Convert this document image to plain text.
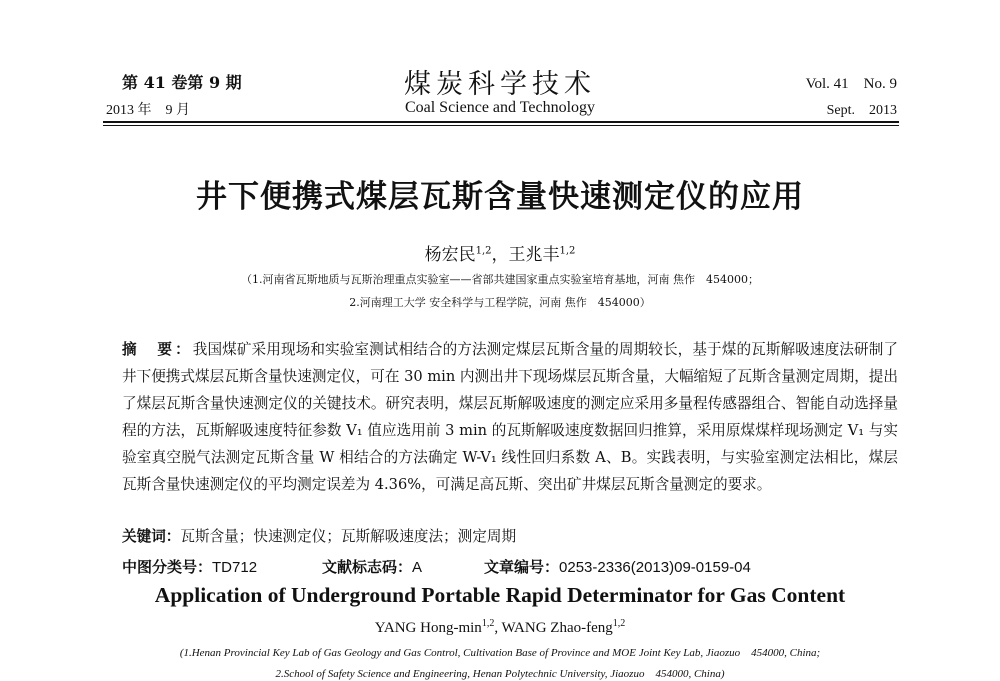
第 41 卷第 9 期
2013 年　9 月
煤炭科学技术
Coal Science and Technology
Vol. 41　No. 9
Sept.　2013
井下便携式煤层瓦斯含量快速测定仪的应用
杨宏民$^{1,2}$，王兆丰$^{1,2}$
（1.河南省瓦斯地质与瓦斯治理重点实验室——省部共建国家重点实验室培育基地，河南 焦作　454000；
2.河南理工大学 安全科学与工程学院，河南 焦作　454000）
摘　要：我国煤矿采用现场和实验室测试相结合的方法测定煤层瓦斯含量的周期较长，基于煤的瓦斯解吸速度法研制了井下便携式煤层瓦斯含量快速测定仪，可在 30 min 内测出井下现场煤层瓦斯含量，大幅缩短了瓦斯含量测定周期，提出了煤层瓦斯含量快速测定仪的关键技术。研究表明，煤层瓦斯解吸速度的测定应采用多量程传感器组合、智能自动选择量程的方法，瓦斯解吸速度特征参数 V₁ 值应选用前 3 min 的瓦斯解吸速度数据回归推算，采用原煤煤样现场测定 V₁ 与实验室真空脱气法测定瓦斯含量 W 相结合的方法确定 W-V₁ 线性回归系数 A、B。实践表明，与实验室测定法相比，煤层瓦斯含量快速测定仪的平均测定误差为 4.36%，可满足高瓦斯、突出矿井煤层瓦斯含量测定的要求。
关键词：瓦斯含量；快速测定仪；瓦斯解吸速度法；测定周期
中图分类号：TD712	文献标志码：A	文章编号：0253-2336(2013)09-0159-04
Application of Underground Portable Rapid Determinator for Gas Content
YANG Hong-$\min^{1,2}$, WANG Zhao-feng$^{1,2}$
(1.Henan Provincial Key Lab of Gas Geology and Gas Control, Cultivation Base of Province and MOE Joint Key Lab, Jiaozuo　454000, China;
2.School of Safety Science and Engineering, Henan Polytechnic University, Jiaozuo　454000, China)
